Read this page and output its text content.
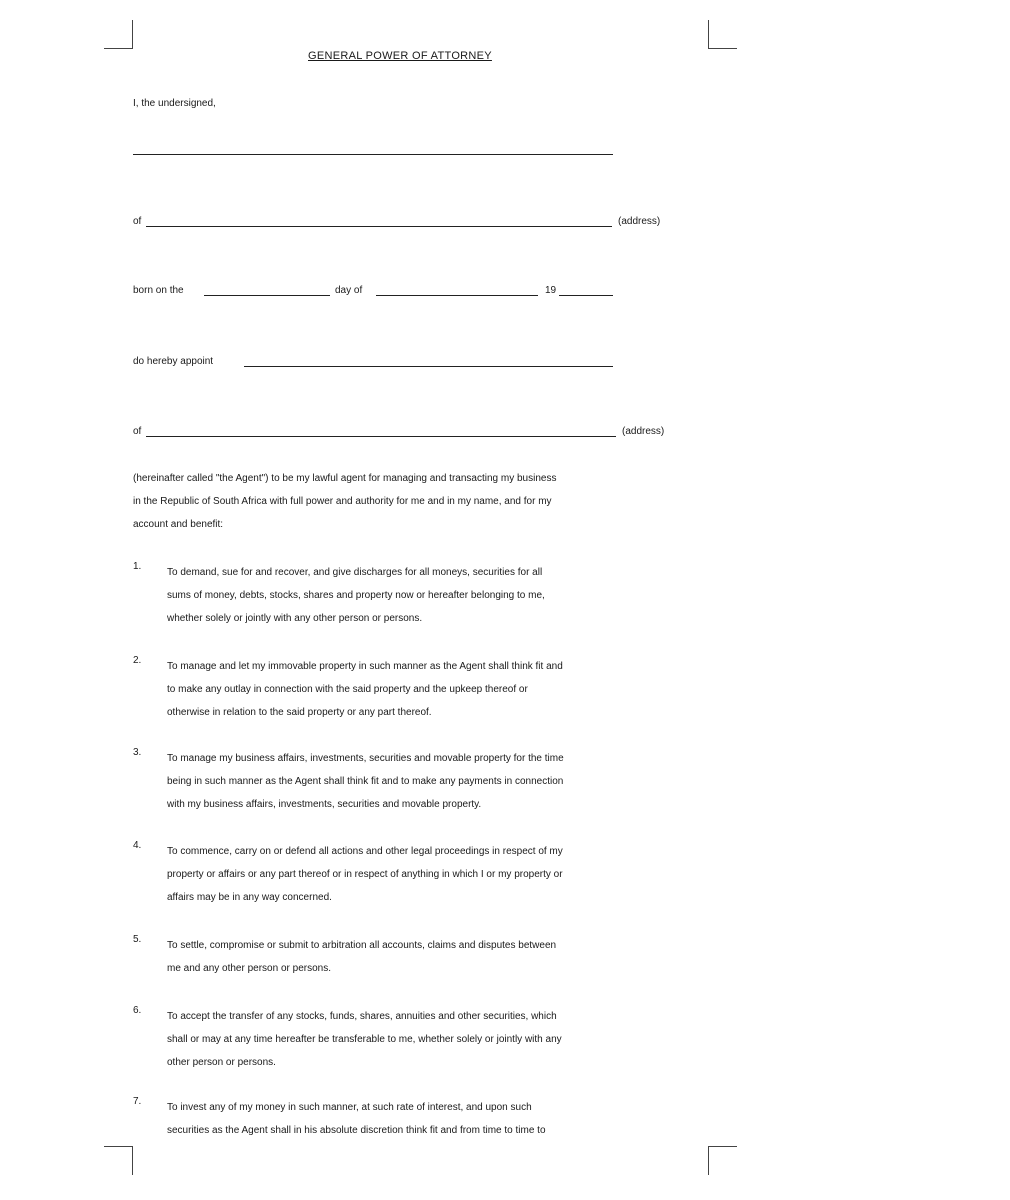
GENERAL POWER OF ATTORNEY
I, the undersigned,
of	(address)
born on the	day of	19
do hereby appoint
of	(address)
(hereinafter called "the Agent") to be my lawful agent for managing and transacting my business
in the Republic of South Africa with full power and authority for me and in my name, and for my
account and benefit:
1.
To demand, sue for and recover, and give discharges for all moneys, securities for all
sums of money, debts, stocks, shares and property now or hereafter belonging to me,
whether solely or jointly with any other person or persons.
2.
To manage and let my immovable property in such manner as the Agent shall think fit and
to make any outlay in connection with the said property and the upkeep thereof or
otherwise in relation to the said property or any part thereof.
3.
To manage my business affairs, investments, securities and movable property for the time
being in such manner as the Agent shall think fit and to make any payments in connection
with my business affairs, investments, securities and movable property.
4.
To commence, carry on or defend all actions and other legal proceedings in respect of my
property or affairs or any part thereof or in respect of anything in which I or my property or
affairs may be in any way concerned.
5.
To settle, compromise or submit to arbitration all accounts, claims and disputes between
me and any other person or persons.
6.
To accept the transfer of any stocks, funds, shares, annuities and other securities, which
shall or may at any time hereafter be transferable to me, whether solely or jointly with any
other person or persons.
7.
To invest any of my money in such manner, at such rate of interest, and upon such
securities as the Agent shall in his absolute discretion think fit and from time to time to
